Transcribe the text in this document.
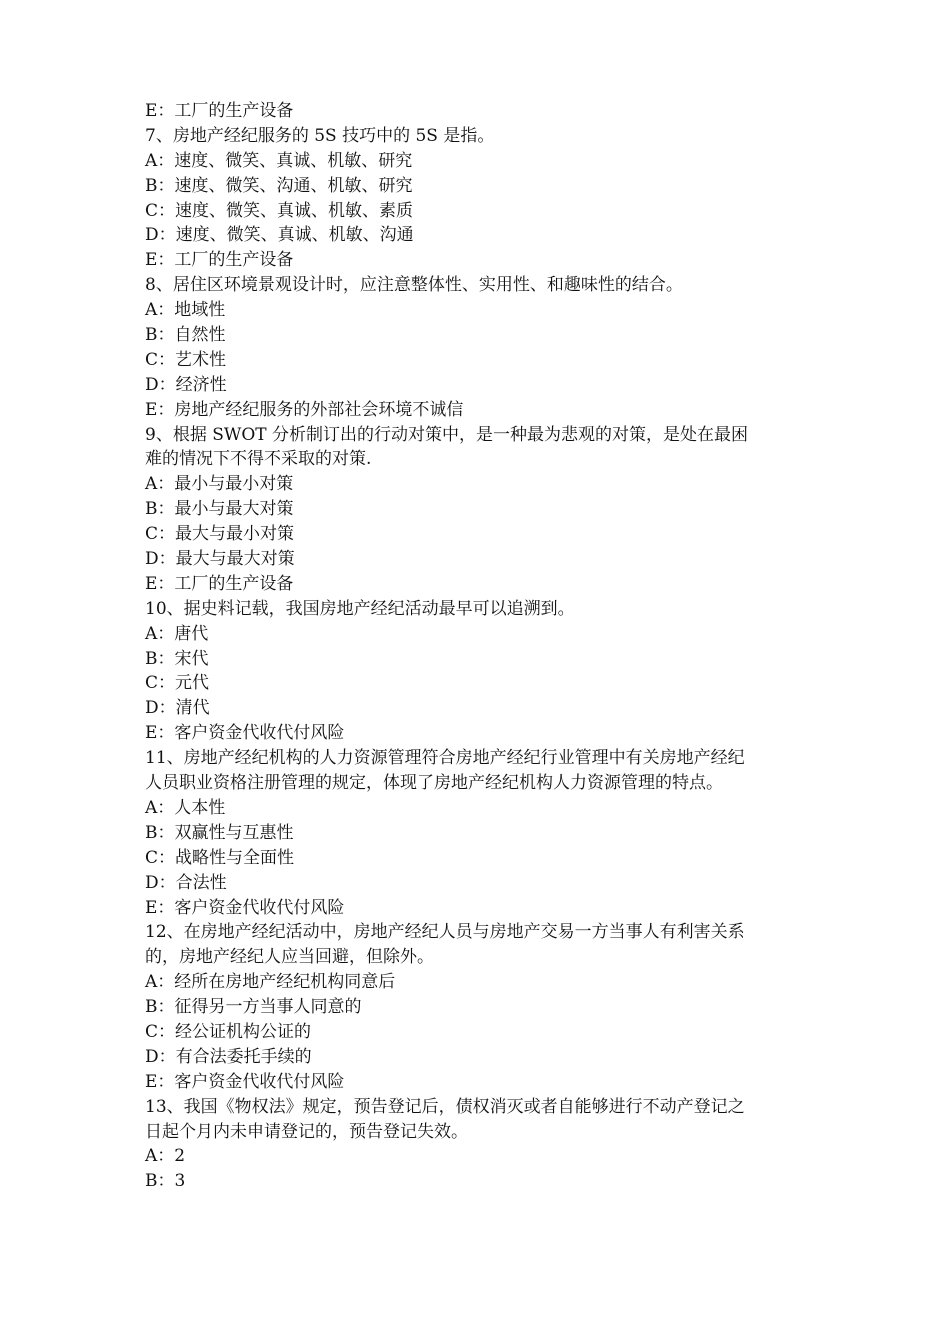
E：工厂的生产设备

7、房地产经纪服务的 5S 技巧中的 5S 是指。

A：速度、微笑、真诚、机敏、研究

B：速度、微笑、沟通、机敏、研究

C：速度、微笑、真诚、机敏、素质

D：速度、微笑、真诚、机敏、沟通

E：工厂的生产设备

8、居住区环境景观设计时，应注意整体性、实用性、和趣味性的结合。

A：地域性

B：自然性

C：艺术性

D：经济性

E：房地产经纪服务的外部社会环境不诚信

9、根据 SWOT 分析制订出的行动对策中，是一种最为悲观的对策，是处在最困

难的情况下不得不采取的对策.

A：最小与最小对策

B：最小与最大对策

C：最大与最小对策

D：最大与最大对策

E：工厂的生产设备

10、据史料记载，我国房地产经纪活动最早可以追溯到。

A：唐代

B：宋代

C：元代

D：清代

E：客户资金代收代付风险

11、房地产经纪机构的人力资源管理符合房地产经纪行业管理中有关房地产经纪

人员职业资格注册管理的规定，体现了房地产经纪机构人力资源管理的特点。

A：人本性

B：双赢性与互惠性

C：战略性与全面性

D：合法性

E：客户资金代收代付风险

12、在房地产经纪活动中，房地产经纪人员与房地产交易一方当事人有利害关系

的，房地产经纪人应当回避，但除外。

A：经所在房地产经纪机构同意后

B：征得另一方当事人同意的

C：经公证机构公证的

D：有合法委托手续的

E：客户资金代收代付风险

13、我国《物权法》规定，预告登记后，债权消灭或者自能够进行不动产登记之

日起个月内未申请登记的，预告登记失效。

A：2

B：3
